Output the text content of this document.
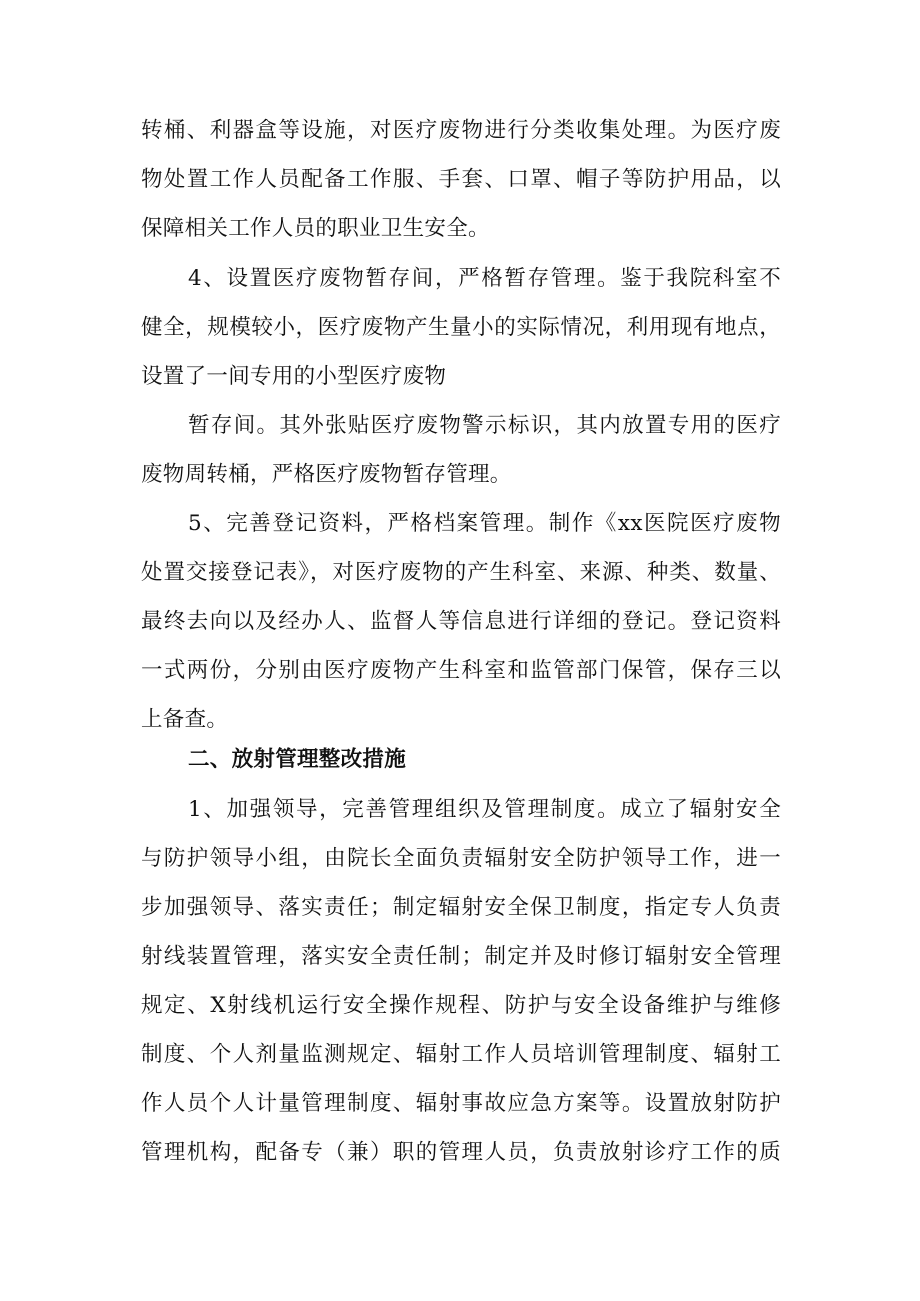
转桶、利器盒等设施，对医疗废物进行分类收集处理。为医疗废
物处置工作人员配备工作服、手套、口罩、帽子等防护用品，以
保障相关工作人员的职业卫生安全。
4、设置医疗废物暂存间，严格暂存管理。鉴于我院科室不
健全，规模较小，医疗废物产生量小的实际情况，利用现有地点，
设置了一间专用的小型医疗废物
暂存间。其外张贴医疗废物警示标识，其内放置专用的医疗
废物周转桶，严格医疗废物暂存管理。
5、完善登记资料，严格档案管理。制作《xx医院医疗废物
处置交接登记表》，对医疗废物的产生科室、来源、种类、数量、
最终去向以及经办人、监督人等信息进行详细的登记。登记资料
一式两份，分别由医疗废物产生科室和监管部门保管，保存三以
上备查。
二、放射管理整改措施
1、加强领导，完善管理组织及管理制度。成立了辐射安全
与防护领导小组，由院长全面负责辐射安全防护领导工作，进一
步加强领导、落实责任；制定辐射安全保卫制度，指定专人负责
射线装置管理，落实安全责任制；制定并及时修订辐射安全管理
规定、X射线机运行安全操作规程、防护与安全设备维护与维修
制度、个人剂量监测规定、辐射工作人员培训管理制度、辐射工
作人员个人计量管理制度、辐射事故应急方案等。设置放射防护
管理机构，配备专（兼）职的管理人员，负责放射诊疗工作的质
